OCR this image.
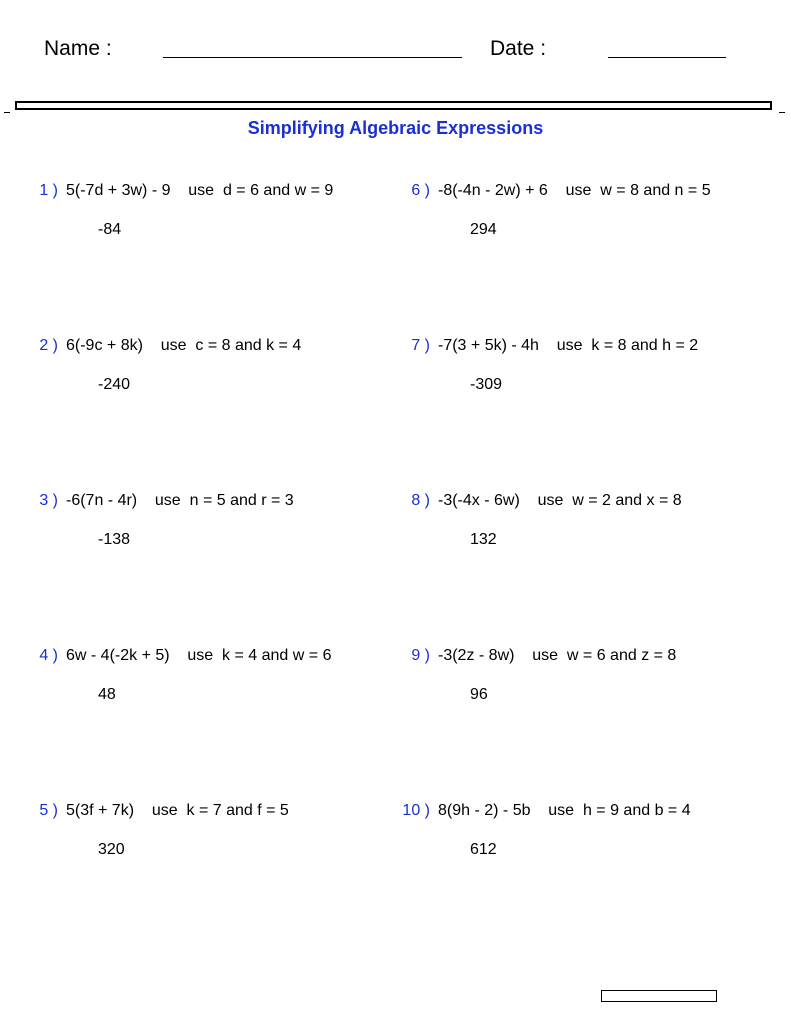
Name :	Date :
Simplifying Algebraic Expressions
1 ) 5(-7d + 3w) - 9    use  d = 6 and w = 9
-84
2 ) 6(-9c + 8k)    use  c = 8 and k = 4
-240
3 ) -6(7n - 4r)    use  n = 5 and r = 3
-138
4 ) 6w - 4(-2k + 5)    use  k = 4 and w = 6
48
5 ) 5(3f + 7k)    use  k = 7 and f = 5
320
6 ) -8(-4n - 2w) + 6    use  w = 8 and n = 5
294
7 ) -7(3 + 5k) - 4h    use  k = 8 and h = 2
-309
8 ) -3(-4x - 6w)    use  w = 2 and x = 8
132
9 ) -3(2z - 8w)    use  w = 6 and z = 8
96
10 ) 8(9h - 2) - 5b    use  h = 9 and b = 4
612
